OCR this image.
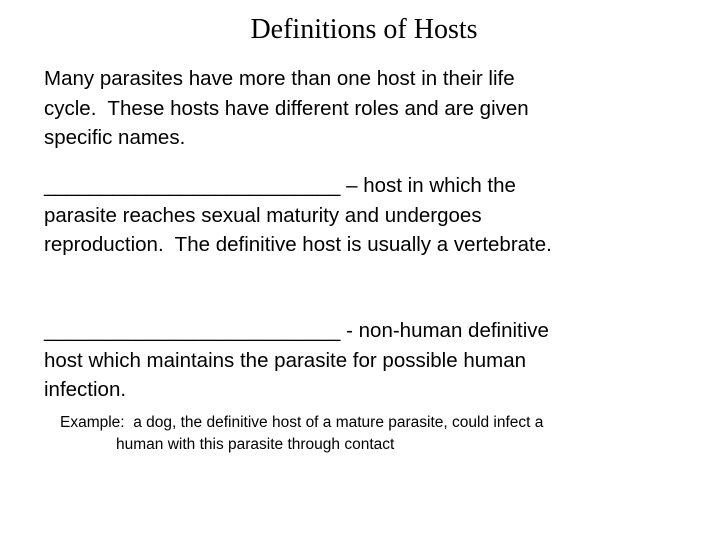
Definitions of Hosts

Many parasites have more than one host in their life
cycle.  These hosts have different roles and are given
specific names.

__________________________ – host in which the
parasite reaches sexual maturity and undergoes
reproduction.  The definitive host is usually a vertebrate.

__________________________ - non-human definitive
host which maintains the parasite for possible human
infection.

Example:  a dog, the definitive host of a mature parasite, could infect a
human with this parasite through contact
